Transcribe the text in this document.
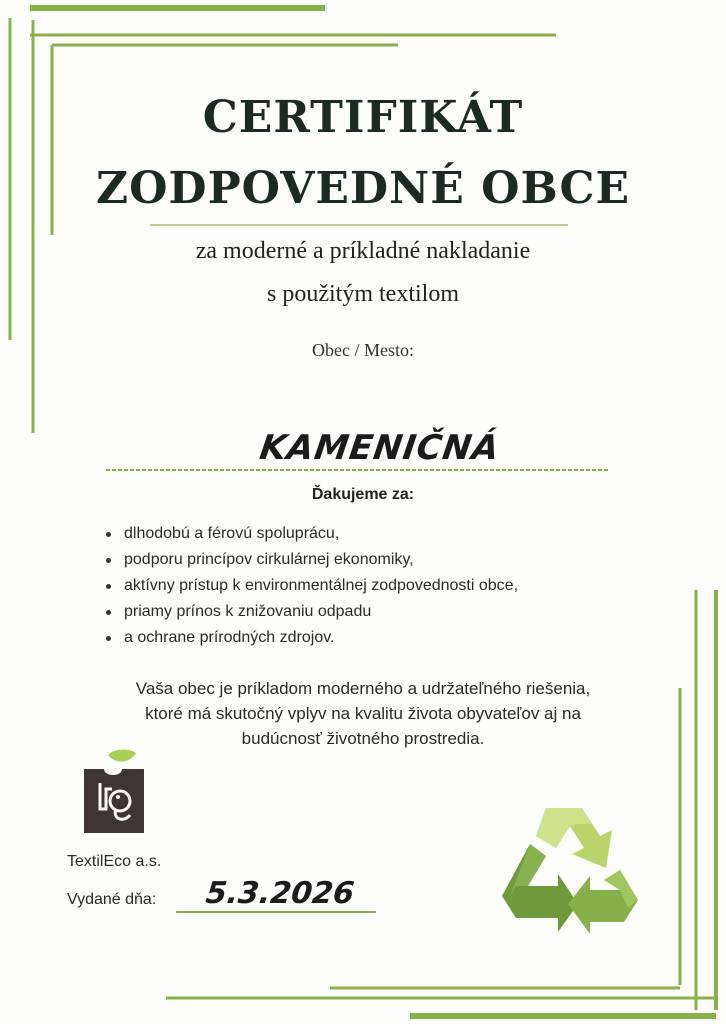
CERTIFIKÁT
ZODPOVEDNÉ OBCE
za moderné a príkladné nakladanie
s použitým textilom
Obec / Mesto:
KAMENIČNÁ
Ďakujeme za:
dlhodobú a férovú spoluprácu,
podporu princípov cirkulárnej ekonomiky,
aktívny prístup k environmentálnej zodpovednosti obce,
priamy prínos k znižovaniu odpadu
a ochrane prírodných zdrojov.
Vaša obec je príkladom moderného a udržateľného riešenia,
ktoré má skutočný vplyv na kvalitu života obyvateľov aj na
budúcnosť životného prostredia.
TextilEco a.s.
Vydané dňa: 5.3.2026
